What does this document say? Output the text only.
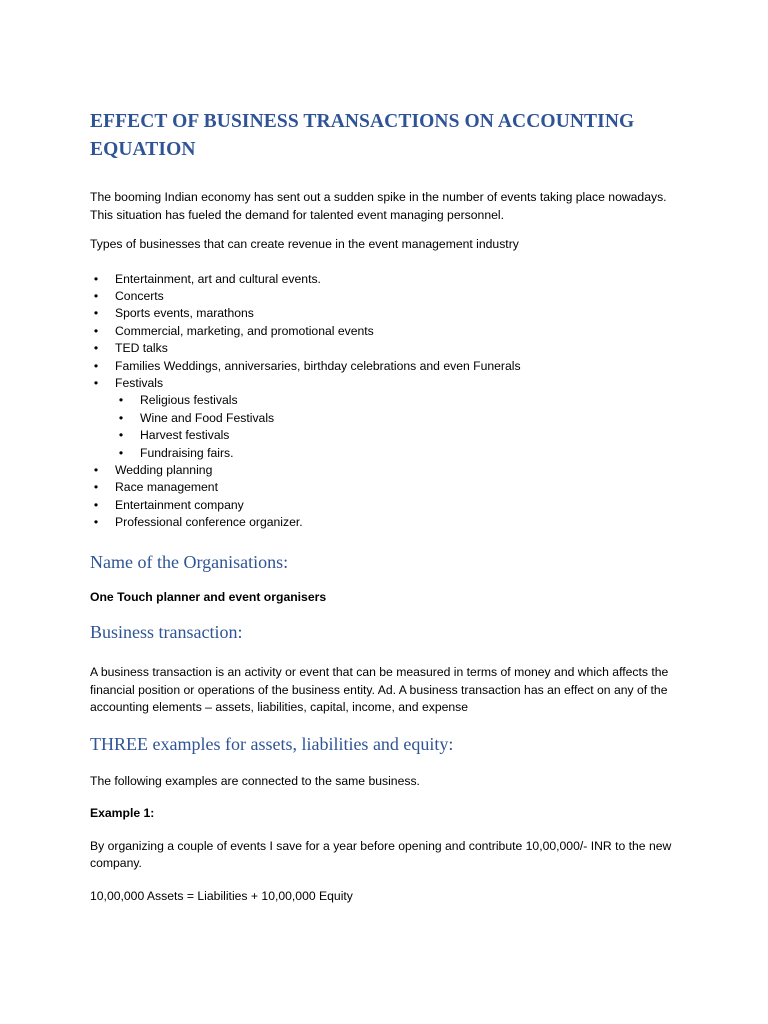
EFFECT OF BUSINESS TRANSACTIONS ON ACCOUNTING EQUATION

The booming Indian economy has sent out a sudden spike in the number of events taking place nowadays. This situation has fueled the demand for talented event managing personnel.

Types of businesses that can create revenue in the event management industry

•	Entertainment, art and cultural events.
•	Concerts
•	Sports events, marathons
•	Commercial, marketing, and promotional events
•	TED talks
•	Families Weddings, anniversaries, birthday celebrations and even Funerals
•	Festivals
•	Religious festivals
•	Wine and Food Festivals
•	Harvest festivals
•	Fundraising fairs.
•	Wedding planning
•	Race management
•	Entertainment company
•	Professional conference organizer.
Name of the Organisations:

One Touch planner and event organisers

Business transaction:

A business transaction is an activity or event that can be measured in terms of money and which affects the financial position or operations of the business entity. Ad. A business transaction has an effect on any of the accounting elements – assets, liabilities, capital, income, and expense

THREE examples for assets, liabilities and equity:

The following examples are connected to the same business.

Example 1:

By organizing a couple of events I save for a year before opening and contribute 10,00,000/- INR to the new company.

10,00,000 Assets = Liabilities + 10,00,000 Equity
